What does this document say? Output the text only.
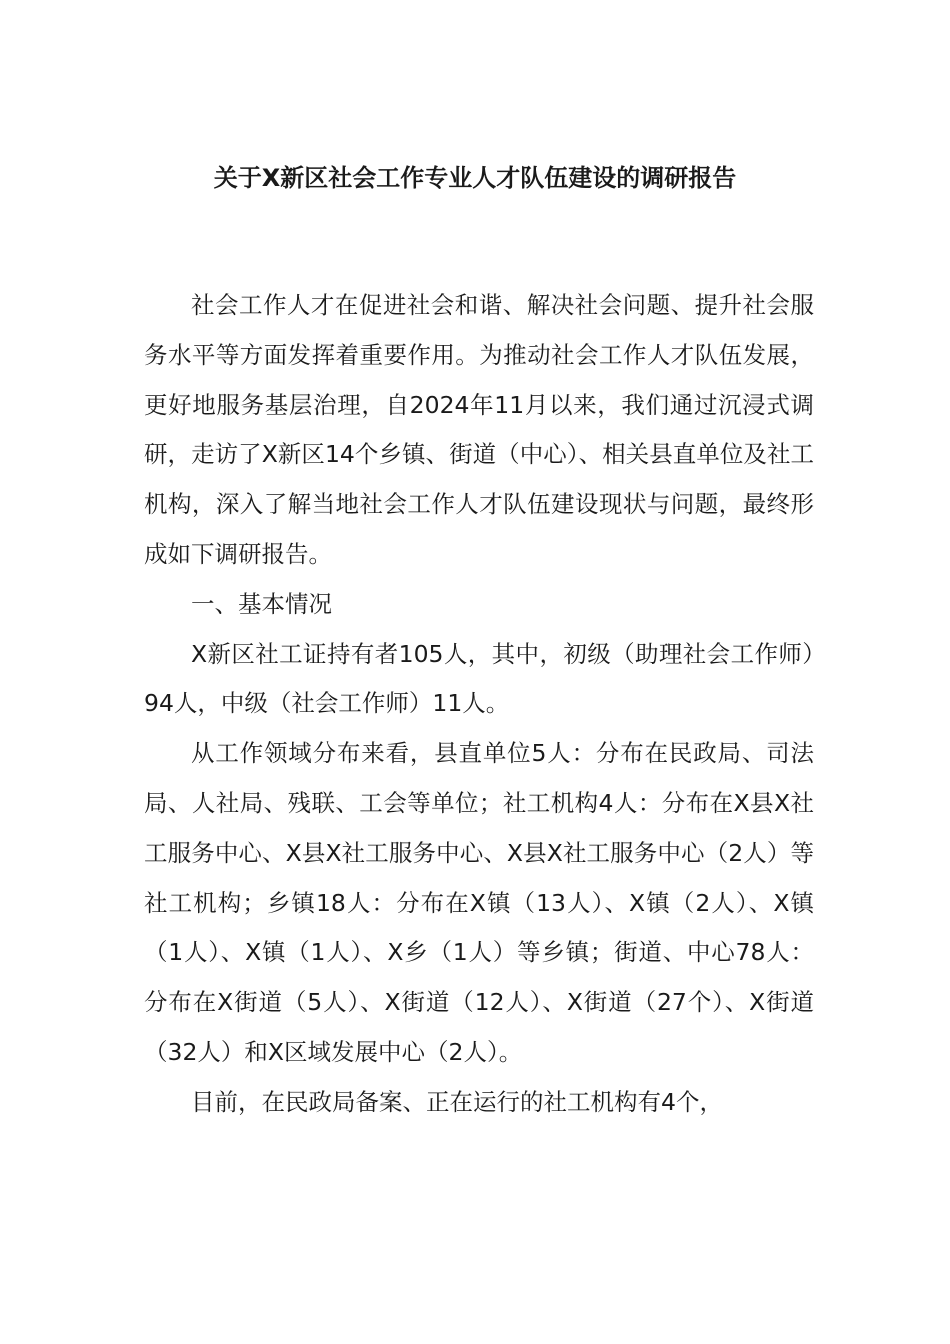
关于X新区社会工作专业人才队伍建设的调研报告

社会工作人才在促进社会和谐、解决社会问题、提升社会服务水平等方面发挥着重要作用。为推动社会工作人才队伍发展，更好地服务基层治理，自2024年11月以来，我们通过沉浸式调研，走访了X新区14个乡镇、街道（中心）、相关县直单位及社工机构，深入了解当地社会工作人才队伍建设现状与问题，最终形成如下调研报告。

一、基本情况

X新区社工证持有者105人，其中，初级（助理社会工作师）94人，中级（社会工作师）11人。

从工作领域分布来看，县直单位5人：分布在民政局、司法局、人社局、残联、工会等单位；社工机构4人：分布在X县X社工服务中心、X县X社工服务中心、X县X社工服务中心（2人）等社工机构；乡镇18人：分布在X镇（13人）、X镇（2人）、X镇（1人）、X镇（1人）、X乡（1人）等乡镇；街道、中心78人：分布在X街道（5人）、X街道（12人）、X街道（27个）、X街道（32人）和X区域发展中心（2人）。

目前，在民政局备案、正在运行的社工机构有4个，
